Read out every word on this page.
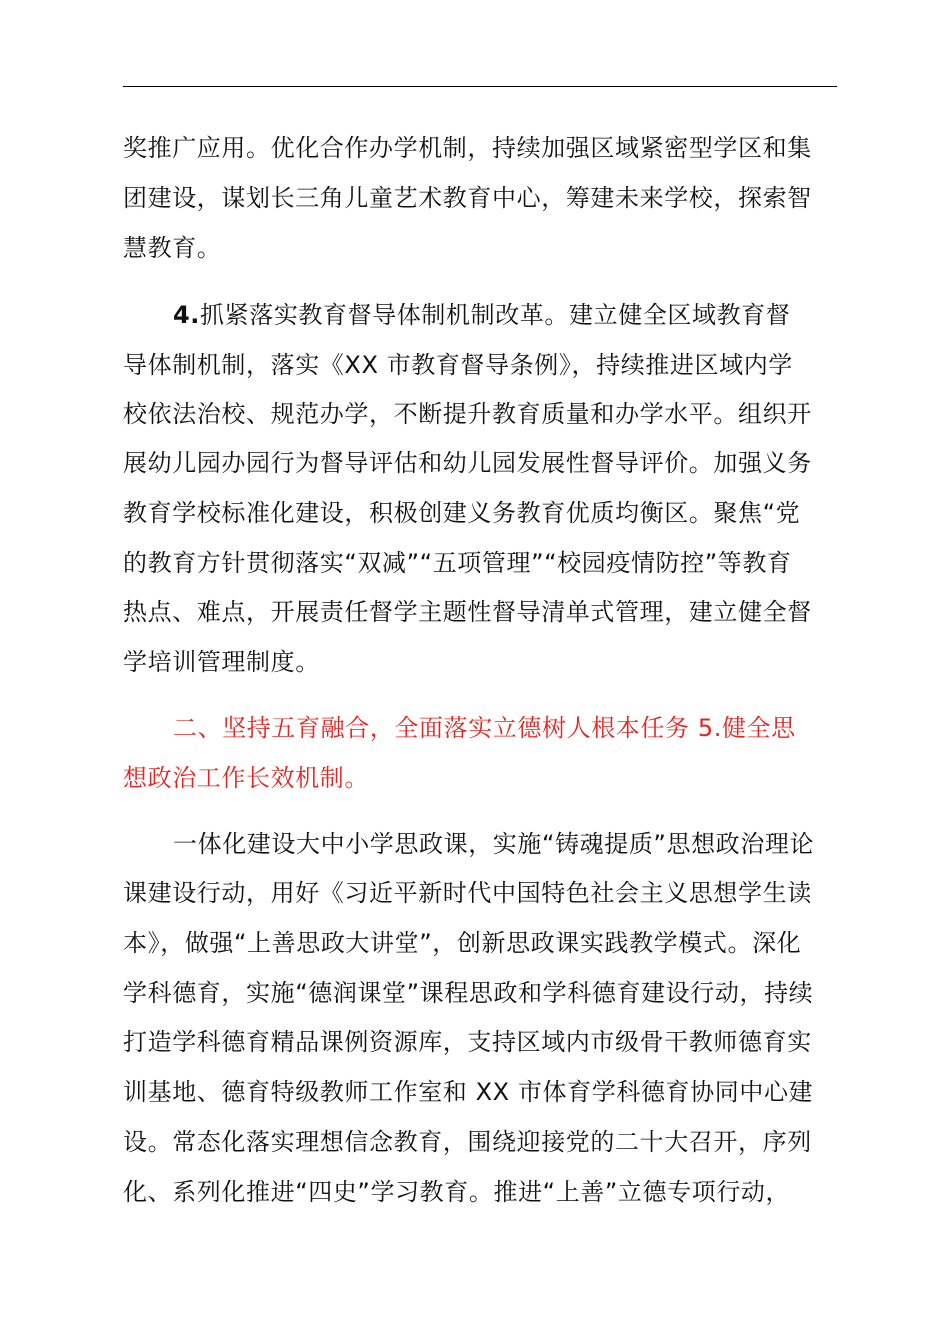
奖推广应用。优化合作办学机制，持续加强区域紧密型学区和集
团建设，谋划长三角儿童艺术教育中心，筹建未来学校，探索智
慧教育。
4.抓紧落实教育督导体制机制改革。建立健全区域教育督
导体制机制，落实《XX 市教育督导条例》，持续推进区域内学
校依法治校、规范办学，不断提升教育质量和办学水平。组织开
展幼儿园办园行为督导评估和幼儿园发展性督导评价。加强义务
教育学校标准化建设，积极创建义务教育优质均衡区。聚焦“党
的教育方针贯彻落实“双减”“五项管理”“校园疫情防控”等教育
热点、难点，开展责任督学主题性督导清单式管理，建立健全督
学培训管理制度。
二、坚持五育融合，全面落实立德树人根本任务 5.健全思
想政治工作长效机制。
一体化建设大中小学思政课，实施“铸魂提质”思想政治理论
课建设行动，用好《习近平新时代中国特色社会主义思想学生读
本》，做强“上善思政大讲堂”，创新思政课实践教学模式。深化
学科德育，实施“德润课堂”课程思政和学科德育建设行动，持续
打造学科德育精品课例资源库，支持区域内市级骨干教师德育实
训基地、德育特级教师工作室和 XX 市体育学科德育协同中心建
设。常态化落实理想信念教育，围绕迎接党的二十大召开，序列
化、系列化推进“四史”学习教育。推进“上善”立德专项行动，
